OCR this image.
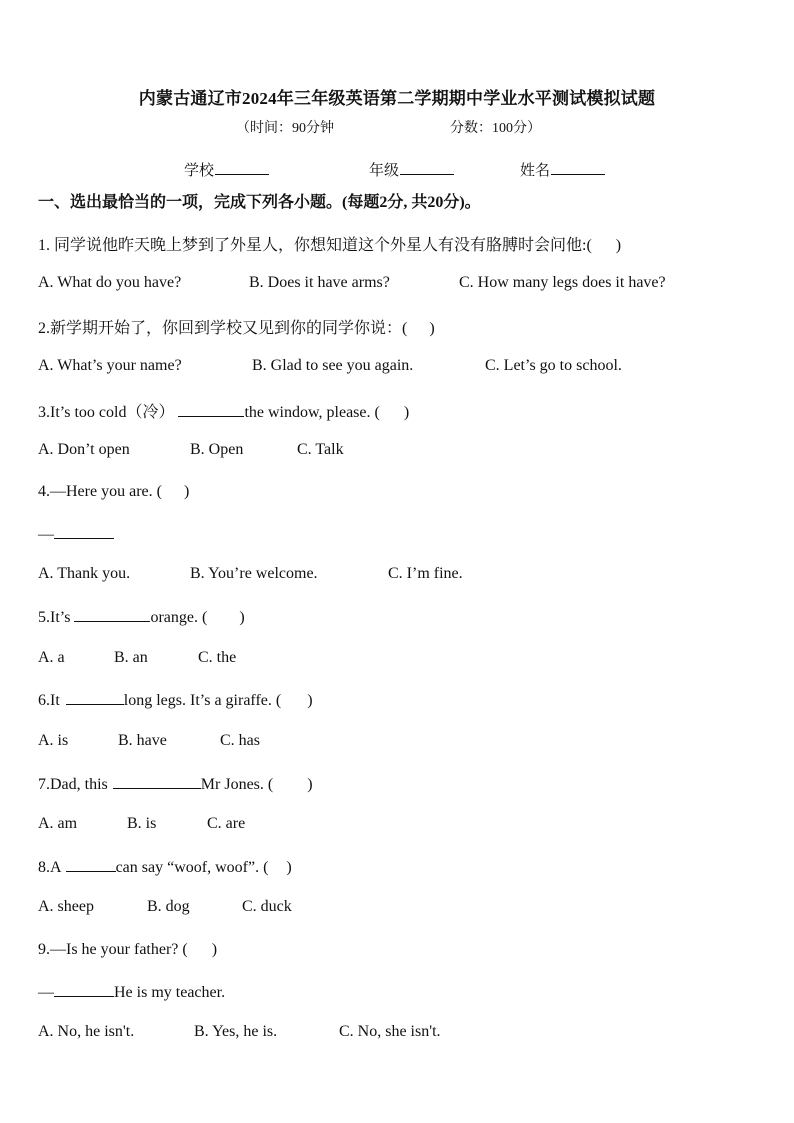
内蒙古通辽市2024年三年级英语第二学期期中学业水平测试模拟试题
（时间：90分钟	分数：100分）
学校	年级	姓名
一、选出最恰当的一项，完成下列各小题。(每题2分, 共20分)。
1. 同学说他昨天晚上梦到了外星人，你想知道这个外星人有没有胳膊时会问他:( )
A. What do you have?	B. Does it have arms?	C. How many legs does it have?
2.新学期开始了，你回到学校又见到你的同学你说：( )
A. What’s your name?	B. Glad to see you again.	C. Let’s go to school.
3.It’s too cold（冷）	the window, please. ( )
A. Don’t open	B. Open	C. Talk
4.—Here you are. ( )
—
A. Thank you.	B. You’re welcome.	C. I’m fine.
5.It’s	orange. ( )
A. a	B. an	C. the
6.It	long legs. It’s a giraffe. ( )
A. is	B. have	C. has
7.Dad, this	Mr Jones. ( )
A. am	B. is	C. are
8.A	can say “woof, woof”. ( )
A. sheep	B. dog	C. duck
9.—Is he your father? ( )
—	He is my teacher.
A. No, he isn't.	B. Yes, he is.	C. No, she isn't.
